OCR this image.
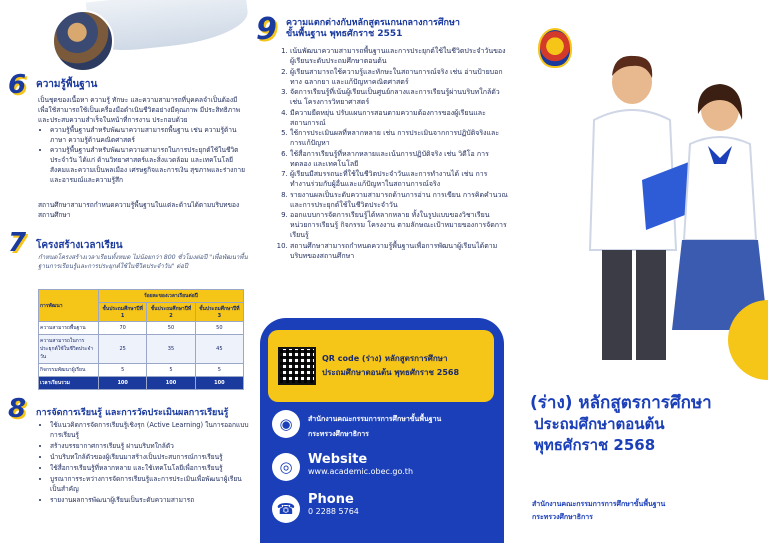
6 ความรู้พื้นฐาน

เป็นชุดของเนื้อหา ความรู้ ทักษะ และความสามารถที่บุคคลจำเป็นต้องมี เพื่อใช้สามารถใช้เป็นเครื่องมือดำเนินชีวิตอย่างมีคุณภาพ มีประสิทธิภาพ และประสบความสำเร็จในหน้าที่การงาน ประกอบด้วย

• ความรู้พื้นฐานสำหรับพัฒนาความสามารถพื้นฐาน เช่น ความรู้ด้านภาษา ความรู้ด้านคณิตศาสตร์
• ความรู้พื้นฐานสำหรับพัฒนาความสามารถในการประยุกต์ใช้ในชีวิตประจำวัน ได้แก่ ด้านวิทยาศาสตร์และสิ่งแวดล้อม และเทคโนโลยี สังคมและความเป็นพลเมือง เศรษฐกิจและการเงิน สุขภาพและร่างกาย และอารมณ์และความรู้สึก
สถานศึกษาสามารถกำหนดความรู้พื้นฐานในแต่ละด้านได้ตามบริบทของสถานศึกษา
7 โครงสร้างเวลาเรียน
กำหนดโครงสร้างเวลาเรียนทั้งหมด ไม่น้อยกว่า 800 ชั่วโมงต่อปี "เพื่อพัฒนาพื้นฐานการเรียนรู้และการประยุกต์ใช้ในชีวิตประจำวัน" ต่อปี
การพัฒนา	ร้อยละของเวลาเรียนต่อปี		
	ชั้นประถมศึกษาปีที่ 1	ชั้นประถมศึกษาปีที่ 2	ชั้นประถมศึกษาปีที่ 3
ความสามารถพื้นฐาน	70	50	50
ความสามารถในการประยุกต์ใช้ในชีวิตประจำวัน	25	35	45
กิจกรรมพัฒนาผู้เรียน	5	5	5
เวลาเรียนรวม	100	100	100
8 การจัดการเรียนรู้ และการวัดประเมินผลการเรียนรู้
• ใช้แนวคิดการจัดการเรียนรู้เชิงรุก (Active Learning) ในการออกแบบการเรียนรู้
• สร้างบรรยากาศการเรียนรู้ ผ่านบริบทใกล้ตัว
• นำบริบทใกล้ตัวของผู้เรียนมาสร้างเป็นประสบการณ์การเรียนรู้
• ใช้สื่อการเรียนรู้ที่หลากหลาย และใช้เทคโนโลยีเพื่อการเรียนรู้
• บูรณาการระหว่างการจัดการเรียนรู้และการประเมินเพื่อพัฒนาผู้เรียนเป็นสำคัญ
• รายงานผลการพัฒนาผู้เรียนเป็นระดับความสามารถ
9 ความแตกต่างกับหลักสูตรแกนกลางการศึกษา
ขั้นพื้นฐาน พุทธศักราช 2551
1. เน้นพัฒนาความสามารถพื้นฐานและการประยุกต์ใช้ในชีวิตประจำวันของผู้เรียนระดับประถมศึกษาตอนต้น
2. ผู้เรียนสามารถใช้ความรู้และทักษะในสถานการณ์จริง เช่น อ่านป้ายบอกทาง ฉลากยา และแก้ปัญหาคณิตศาสตร์
3. จัดการเรียนรู้ที่เน้นผู้เรียนเป็นศูนย์กลางและการเรียนรู้ผ่านบริบทใกล้ตัว เช่น โครงการวิทยาศาสตร์
4. มีความยืดหยุ่น ปรับแผนการสอนตามความต้องการของผู้เรียนและสถานการณ์
5. ใช้การประเมินผลที่หลากหลาย เช่น การประเมินจากการปฏิบัติจริงและการแก้ปัญหา
6. ใช้สื่อการเรียนรู้ที่หลากหลายและเน้นการปฏิบัติจริง เช่น วิดีโอ การทดลอง และเทคโนโลยี
7. ผู้เรียนมีสมรรถนะที่ใช้ในชีวิตประจำวันและการทำงานได้ เช่น การทำงานร่วมกับผู้อื่นและแก้ปัญหาในสถานการณ์จริง
8. รายงานผลเป็นระดับความสามารถด้านการอ่าน การเขียน การคิดคำนวณ และการประยุกต์ใช้ในชีวิตประจำวัน
9. ออกแบบการจัดการเรียนรู้ได้หลากหลาย ทั้งในรูปแบบของวิชาเรียน หน่วยการเรียนรู้ กิจกรรม โครงงาน ตามลักษณะเป้าหมายของการจัดการเรียนรู้
10. สถานศึกษาสามารถกำหนดความรู้พื้นฐานเพื่อการพัฒนาผู้เรียนได้ตามบริบทของสถานศึกษา
QR code (ร่าง) หลักสูตรการศึกษา
ประถมศึกษาตอนต้น พุทธศักราช 2568
◉	สำนักงานคณะกรรมการการศึกษาขั้นพื้นฐาน
กระทรวงศึกษาธิการ
◎	Website
www.academic.obec.go.th
☎
Phone
0 2288 5764
(ร่าง) หลักสูตรการศึกษา
ประถมศึกษาตอนต้น
พุทธศักราช 2568
สำนักงานคณะกรรมการการศึกษาขั้นพื้นฐาน
กระทรวงศึกษาธิการ
